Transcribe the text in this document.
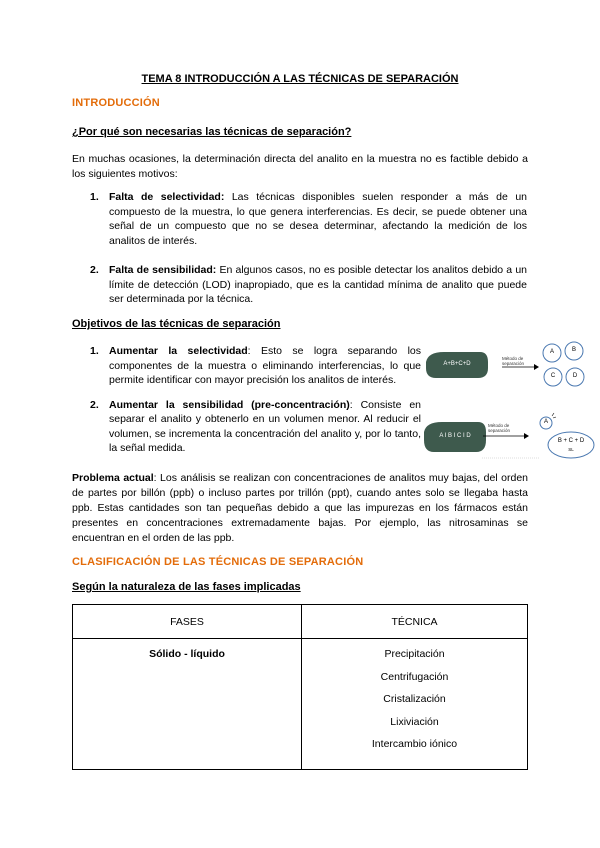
TEMA 8 INTRODUCCIÓN A LAS TÉCNICAS DE SEPARACIÓN
INTRODUCCIÓN
¿Por qué son necesarias las técnicas de separación?
En muchas ocasiones, la determinación directa del analito en la muestra no es factible debido a los siguientes motivos:
1. Falta de selectividad: Las técnicas disponibles suelen responder a más de un compuesto de la muestra, lo que genera interferencias. Es decir, se puede obtener una señal de un compuesto que no se desea determinar, afectando la medición de los analitos de interés.
2. Falta de sensibilidad: En algunos casos, no es posible detectar los analitos debido a un límite de detección (LOD) inapropiado, que es la cantidad mínima de analito que puede ser determinada por la técnica.
Objetivos de las técnicas de separación
1. Aumentar la selectividad: Esto se logra separando los componentes de la muestra o eliminando interferencias, lo que permite identificar con mayor precisión los analitos de interés.
2. Aumentar la sensibilidad (pre-concentración): Consiste en separar el analito y obtenerlo en un volumen menor. Al reducir el volumen, se incrementa la concentración del analito y, por lo tanto, la señal medida.
A+B+C+D
Método de separación
A	B
C	D
A I B I C I D
Método de separación
A
B + C + D
SL
Problema actual: Los análisis se realizan con concentraciones de analitos muy bajas, del orden de partes por billón (ppb) o incluso partes por trillón (ppt), cuando antes solo se llegaba hasta ppb. Estas cantidades son tan pequeñas debido a que las impurezas en los fármacos están presentes en concentraciones extremadamente bajas. Por ejemplo, las nitrosaminas se encuentran en el orden de las ppb.
CLASIFICACIÓN DE LAS TÉCNICAS DE SEPARACIÓN
Según la naturaleza de las fases implicadas
FASES	TÉCNICA
Sólido - líquido	Precipitación
Centrifugación
Cristalización
Lixiviación
Intercambio iónico
